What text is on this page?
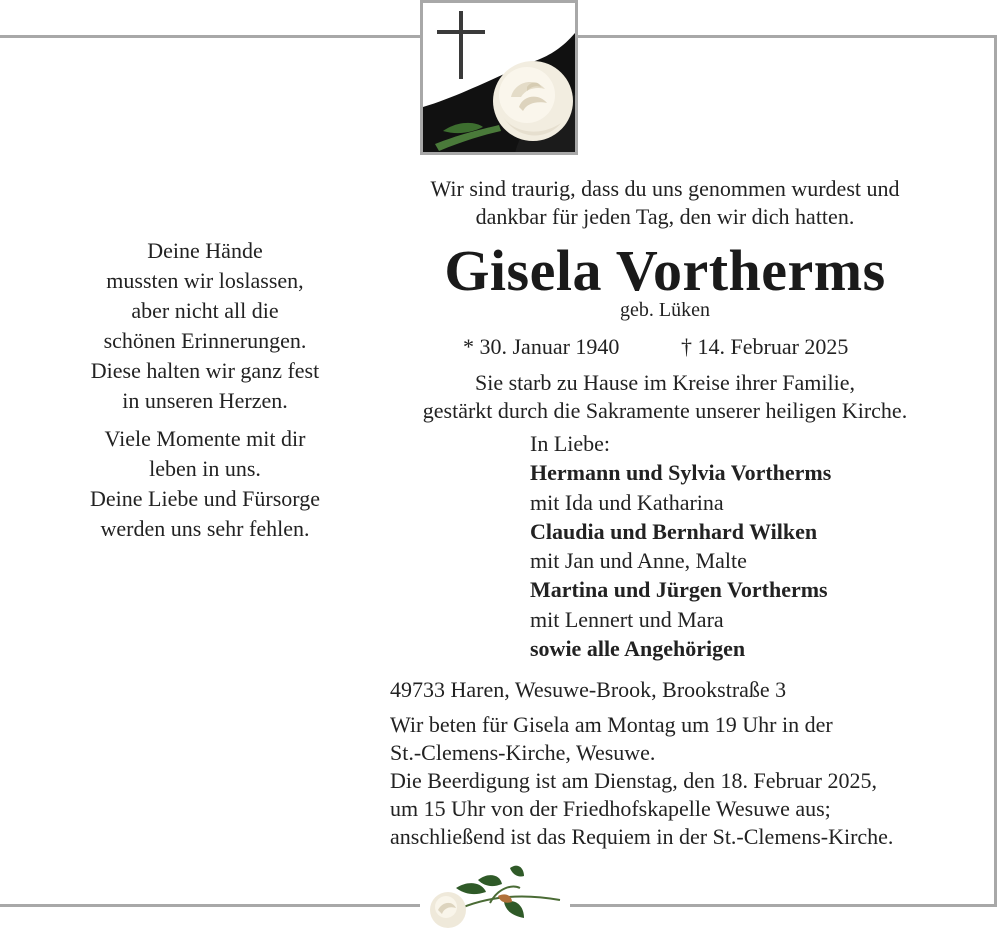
Deine Hände
mussten wir loslassen,
aber nicht all die
schönen Erinnerungen.
Diese halten wir ganz fest
in unseren Herzen.
Viele Momente mit dir
leben in uns.
Deine Liebe und Fürsorge
werden uns sehr fehlen.
Wir sind traurig, dass du uns genommen wurdest und
dankbar für jeden Tag, den wir dich hatten.
Gisela Vortherms
geb. Lüken
* 30. Januar 1940	† 14. Februar 2025
Sie starb zu Hause im Kreise ihrer Familie,
gestärkt durch die Sakramente unserer heiligen Kirche.
In Liebe:
Hermann und Sylvia Vortherms
mit Ida und Katharina
Claudia und Bernhard Wilken
mit Jan und Anne, Malte
Martina und Jürgen Vortherms
mit Lennert und Mara
sowie alle Angehörigen
49733 Haren, Wesuwe-Brook, Brookstraße 3
Wir beten für Gisela am Montag um 19 Uhr in der
St.-Clemens-Kirche, Wesuwe.
Die Beerdigung ist am Dienstag, den 18. Februar 2025,
um 15 Uhr von der Friedhofskapelle Wesuwe aus;
anschließend ist das Requiem in der St.-Clemens-Kirche.
